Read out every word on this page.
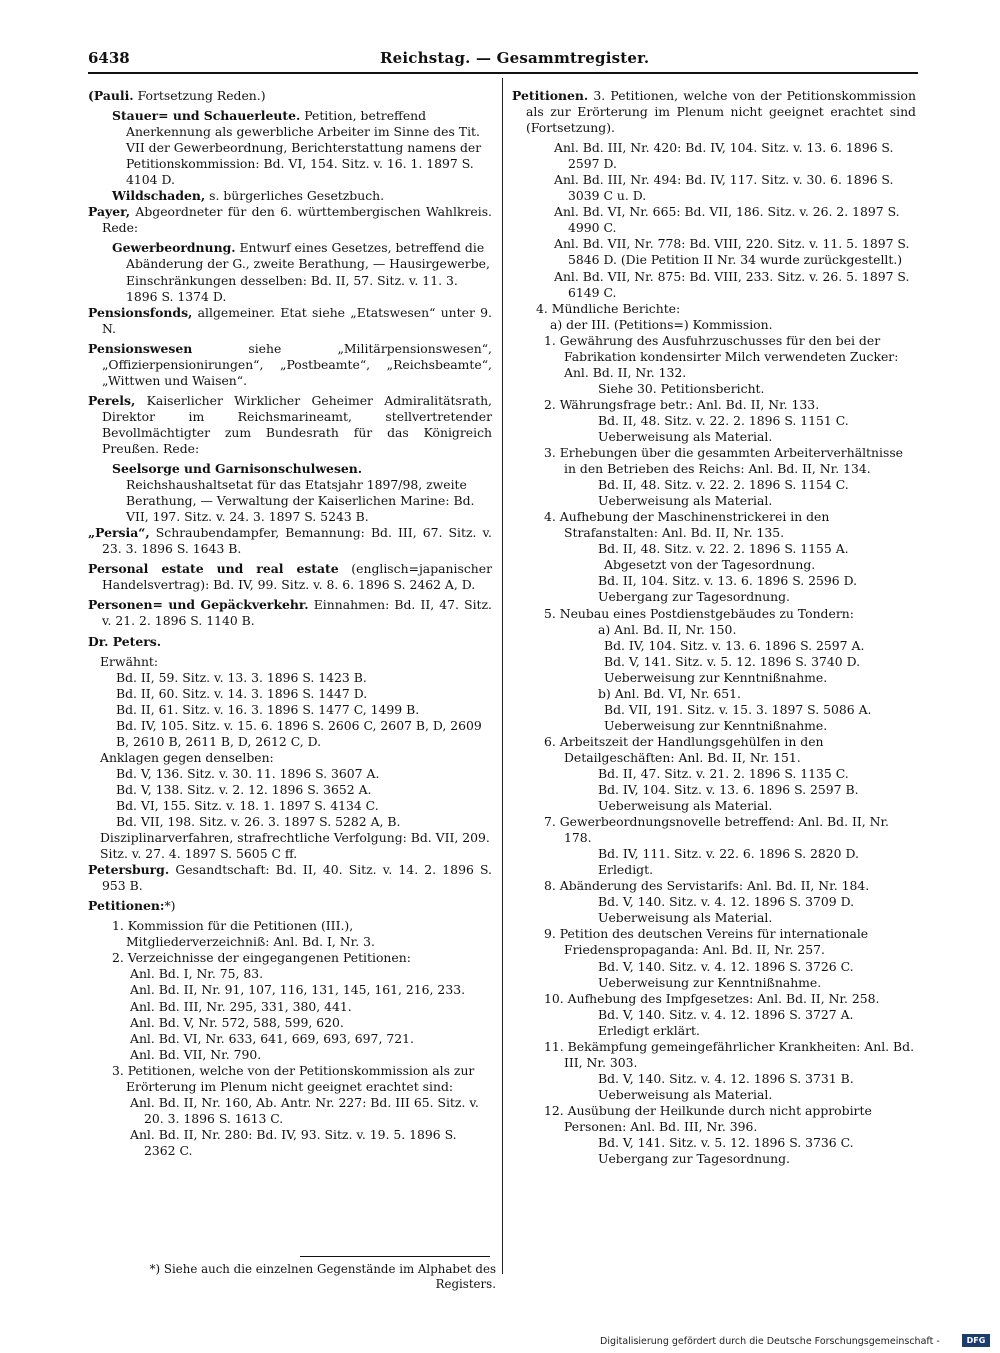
6438	Reichstag. — Gesammtregister.

(Pauli. Fortsetzung Reden.)

Stauer= und Schauerleute. Petition, betreffend Anerkennung als gewerbliche Arbeiter im Sinne des Tit. VII der Gewerbeordnung, Berichterstattung namens der Petitionskommission: Bd. VI, 154. Sitz. v. 16. 1. 1897 S. 4104 D.

Wildschaden, s. bürgerliches Gesetzbuch.

Payer, Abgeordneter für den 6. württembergischen Wahlkreis. Rede:

Gewerbeordnung. Entwurf eines Gesetzes, betreffend die Abänderung der G., zweite Berathung, — Hausirgewerbe, Einschränkungen desselben: Bd. II, 57. Sitz. v. 11. 3. 1896 S. 1374 D.

Pensionsfonds, allgemeiner. Etat siehe „Etatswesen“ unter 9. N.

Pensionswesen siehe „Militärpensionswesen“, „Offizierpensionirungen“, „Postbeamte“, „Reichsbeamte“, „Wittwen und Waisen“.

Perels, Kaiserlicher Wirklicher Geheimer Admiralitätsrath, Direktor im Reichsmarineamt, stellvertretender Bevollmächtigter zum Bundesrath für das Königreich Preußen. Rede:

Seelsorge und Garnisonschulwesen. Reichshaushaltsetat für das Etatsjahr 1897/98, zweite Berathung, — Verwaltung der Kaiserlichen Marine: Bd. VII, 197. Sitz. v. 24. 3. 1897 S. 5243 B.

„Persia“, Schraubendampfer, Bemannung: Bd. III, 67. Sitz. v. 23. 3. 1896 S. 1643 B.

Personal estate und real estate (englisch=japanischer Handelsvertrag): Bd. IV, 99. Sitz. v. 8. 6. 1896 S. 2462 A, D.

Personen= und Gepäckverkehr. Einnahmen: Bd. II, 47. Sitz. v. 21. 2. 1896 S. 1140 B.

Dr. Peters.

Erwähnt:

Bd. II, 59. Sitz. v. 13. 3. 1896 S. 1423 B.

Bd. II, 60. Sitz. v. 14. 3. 1896 S. 1447 D.

Bd. II, 61. Sitz. v. 16. 3. 1896 S. 1477 C, 1499 B.

Bd. IV, 105. Sitz. v. 15. 6. 1896 S. 2606 C, 2607 B, D, 2609 B, 2610 B, 2611 B, D, 2612 C, D.

Anklagen gegen denselben:

Bd. V, 136. Sitz. v. 30. 11. 1896 S. 3607 A.

Bd. V, 138. Sitz. v. 2. 12. 1896 S. 3652 A.

Bd. VI, 155. Sitz. v. 18. 1. 1897 S. 4134 C.

Bd. VII, 198. Sitz. v. 26. 3. 1897 S. 5282 A, B.

Disziplinarverfahren, strafrechtliche Verfolgung: Bd. VII, 209. Sitz. v. 27. 4. 1897 S. 5605 C ff.

Petersburg. Gesandtschaft: Bd. II, 40. Sitz. v. 14. 2. 1896 S. 953 B.

Petitionen:*)

1. Kommission für die Petitionen (III.), Mitgliederverzeichniß: Anl. Bd. I, Nr. 3.

2. Verzeichnisse der eingegangenen Petitionen:

Anl. Bd. I, Nr. 75, 83.

Anl. Bd. II, Nr. 91, 107, 116, 131, 145, 161, 216, 233.

Anl. Bd. III, Nr. 295, 331, 380, 441.

Anl. Bd. V, Nr. 572, 588, 599, 620.

Anl. Bd. VI, Nr. 633, 641, 669, 693, 697, 721.

Anl. Bd. VII, Nr. 790.

3. Petitionen, welche von der Petitionskommission als zur Erörterung im Plenum nicht geeignet erachtet sind:

Anl. Bd. II, Nr. 160, Ab. Antr. Nr. 227: Bd. III 65. Sitz. v. 20. 3. 1896 S. 1613 C.

Anl. Bd. II, Nr. 280: Bd. IV, 93. Sitz. v. 19. 5. 1896 S. 2362 C.

Petitionen. 3. Petitionen, welche von der Petitionskommission als zur Erörterung im Plenum nicht geeignet erachtet sind (Fortsetzung).

Anl. Bd. III, Nr. 420: Bd. IV, 104. Sitz. v. 13. 6. 1896 S. 2597 D.

Anl. Bd. III, Nr. 494: Bd. IV, 117. Sitz. v. 30. 6. 1896 S. 3039 C u. D.

Anl. Bd. VI, Nr. 665: Bd. VII, 186. Sitz. v. 26. 2. 1897 S. 4990 C.

Anl. Bd. VII, Nr. 778: Bd. VIII, 220. Sitz. v. 11. 5. 1897 S. 5846 D. (Die Petition II Nr. 34 wurde zurückgestellt.)

Anl. Bd. VII, Nr. 875: Bd. VIII, 233. Sitz. v. 26. 5. 1897 S. 6149 C.

4. Mündliche Berichte:

a) der III. (Petitions=) Kommission.

1. Gewährung des Ausfuhrzuschusses für den bei der Fabrikation kondensirter Milch verwendeten Zucker: Anl. Bd. II, Nr. 132.

Siehe 30. Petitionsbericht.

2. Währungsfrage betr.: Anl. Bd. II, Nr. 133.

Bd. II, 48. Sitz. v. 22. 2. 1896 S. 1151 C.

Ueberweisung als Material.

3. Erhebungen über die gesammten Arbeiterverhältnisse in den Betrieben des Reichs: Anl. Bd. II, Nr. 134.

Bd. II, 48. Sitz. v. 22. 2. 1896 S. 1154 C.

Ueberweisung als Material.

4. Aufhebung der Maschinenstrickerei in den Strafanstalten: Anl. Bd. II, Nr. 135.

Bd. II, 48. Sitz. v. 22. 2. 1896 S. 1155 A.

Abgesetzt von der Tagesordnung.

Bd. II, 104. Sitz. v. 13. 6. 1896 S. 2596 D.

Uebergang zur Tagesordnung.

5. Neubau eines Postdienstgebäudes zu Tondern:

a) Anl. Bd. II, Nr. 150.

Bd. IV, 104. Sitz. v. 13. 6. 1896 S. 2597 A.

Bd. V, 141. Sitz. v. 5. 12. 1896 S. 3740 D.

Ueberweisung zur Kenntnißnahme.

b) Anl. Bd. VI, Nr. 651.

Bd. VII, 191. Sitz. v. 15. 3. 1897 S. 5086 A.

Ueberweisung zur Kenntnißnahme.

6. Arbeitszeit der Handlungsgehülfen in den Detailgeschäften: Anl. Bd. II, Nr. 151.

Bd. II, 47. Sitz. v. 21. 2. 1896 S. 1135 C.

Bd. IV, 104. Sitz. v. 13. 6. 1896 S. 2597 B.

Ueberweisung als Material.

7. Gewerbeordnungsnovelle betreffend: Anl. Bd. II, Nr. 178.

Bd. IV, 111. Sitz. v. 22. 6. 1896 S. 2820 D.

Erledigt.

8. Abänderung des Servistarifs: Anl. Bd. II, Nr. 184.

Bd. V, 140. Sitz. v. 4. 12. 1896 S. 3709 D.

Ueberweisung als Material.

9. Petition des deutschen Vereins für internationale Friedenspropaganda: Anl. Bd. II, Nr. 257.

Bd. V, 140. Sitz. v. 4. 12. 1896 S. 3726 C.

Ueberweisung zur Kenntnißnahme.

10. Aufhebung des Impfgesetzes: Anl. Bd. II, Nr. 258.

Bd. V, 140. Sitz. v. 4. 12. 1896 S. 3727 A.

Erledigt erklärt.

11. Bekämpfung gemeingefährlicher Krankheiten: Anl. Bd. III, Nr. 303.

Bd. V, 140. Sitz. v. 4. 12. 1896 S. 3731 B.

Ueberweisung als Material.

12. Ausübung der Heilkunde durch nicht approbirte Personen: Anl. Bd. III, Nr. 396.

Bd. V, 141. Sitz. v. 5. 12. 1896 S. 3736 C.

Uebergang zur Tagesordnung.

*) Siehe auch die einzelnen Gegenstände im Alphabet des Registers.
Digitalisierung gefördert durch die Deutsche Forschungsgemeinschaft -	DFG
